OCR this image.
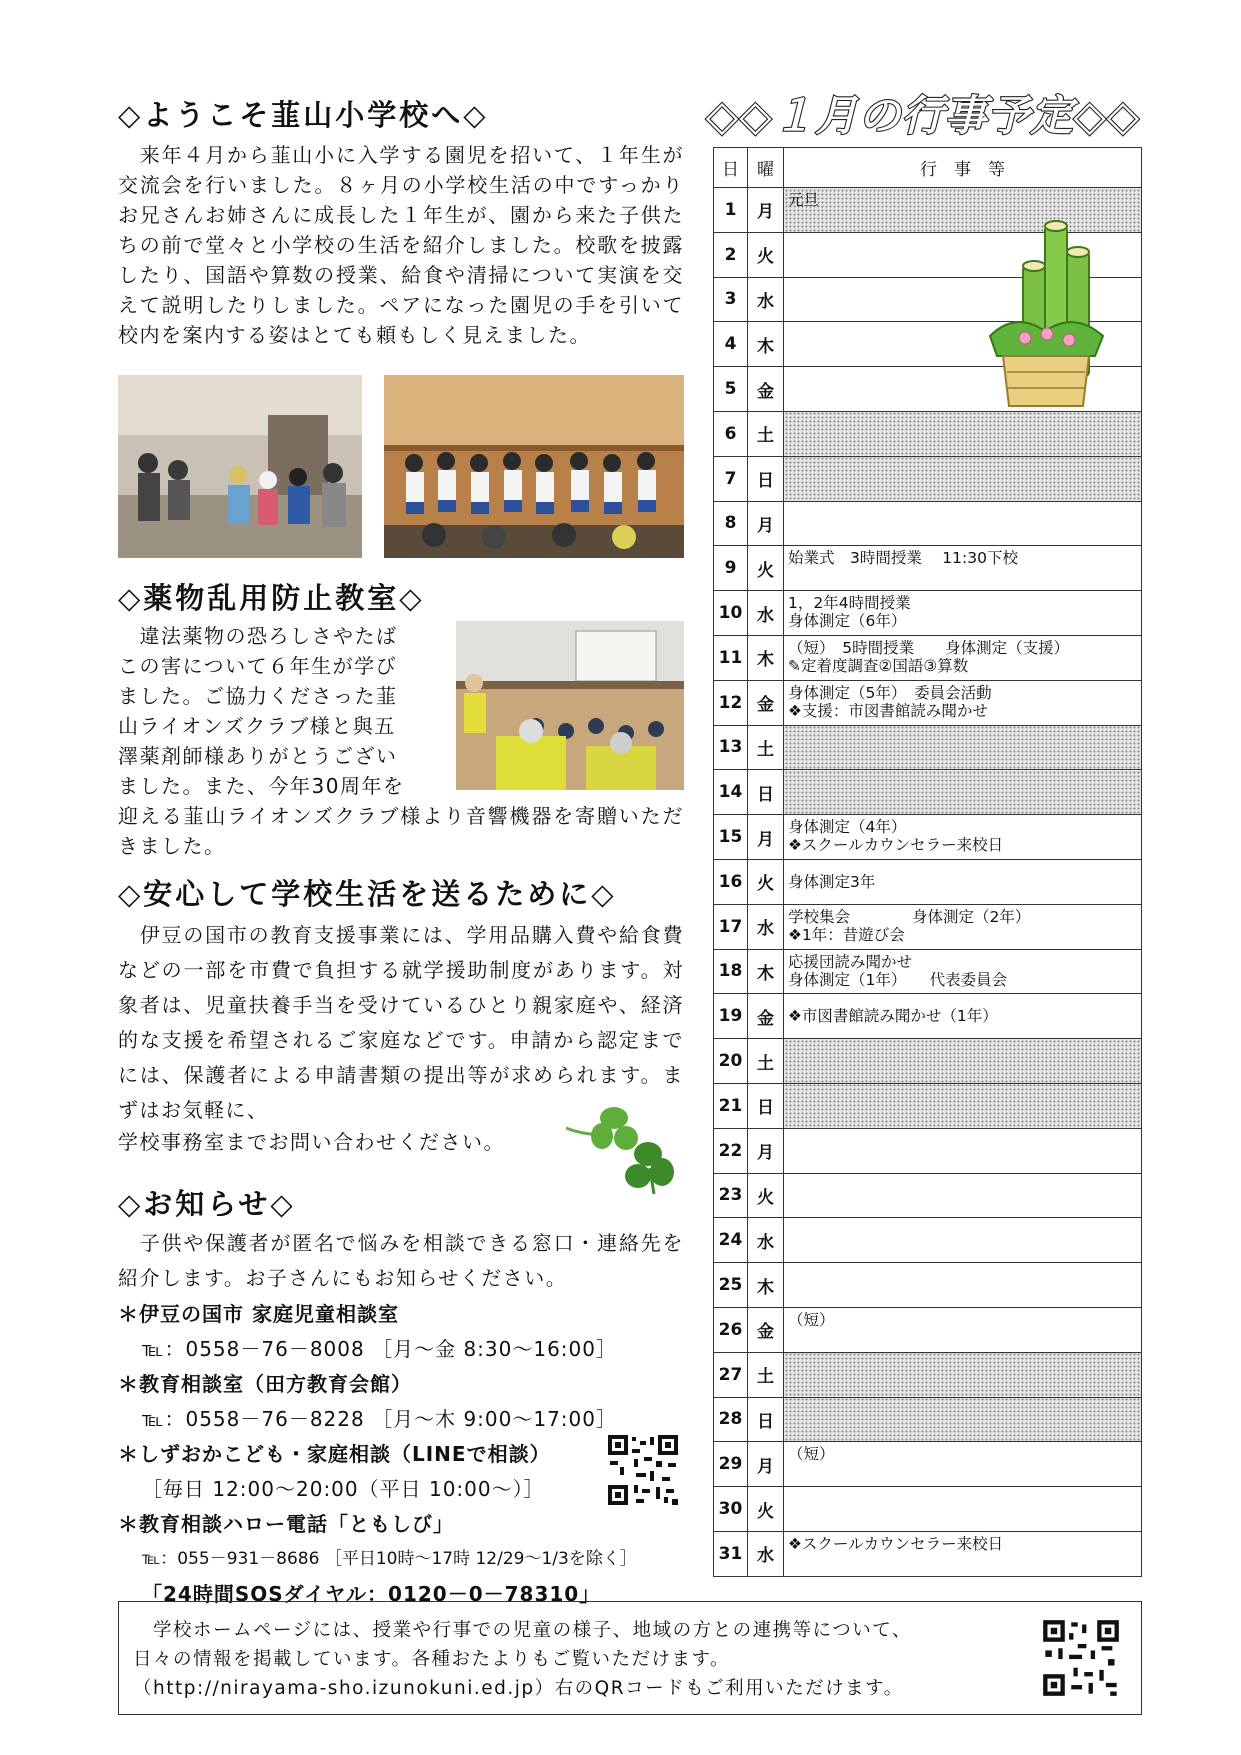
◇ようこそ韮山小学校へ◇
　来年４月から韮山小に入学する園児を招いて、１年生が交流会を行いました。８ヶ月の小学校生活の中ですっかりお兄さんお姉さんに成長した１年生が、園から来た子供たちの前で堂々と小学校の生活を紹介しました。校歌を披露したり、国語や算数の授業、給食や清掃について実演を交えて説明したりしました。ペアになった園児の手を引いて校内を案内する姿はとても頼もしく見えました。
◇薬物乱用防止教室◇
　違法薬物の恐ろしさやたば
この害について６年生が学び
ました。ご協力くださった韮
山ライオンズクラブ様と與五
澤薬剤師様ありがとうござい
ました。また、今年30周年を
迎える韮山ライオンズクラブ様より音響機器を寄贈いただきました。
◇安心して学校生活を送るために◇
　伊豆の国市の教育支援事業には、学用品購入費や給食費などの一部を市費で負担する就学援助制度があります。対象者は、児童扶養手当を受けているひとり親家庭や、経済的な支援を希望されるご家庭などです。申請から認定までには、保護者による申請書類の提出等が求められます。まずはお気軽に、
学校事務室までお問い合わせください。
◇お知らせ◇
　子供や保護者が匿名で悩みを相談できる窓口・連絡先を紹介します。お子さんにもお知らせください。
＊伊豆の国市 家庭児童相談室
℡：0558－76－8008 ［月～金 8:30～16:00］
＊教育相談室（田方教育会館）
℡：0558－76－8228 ［月～木 9:00～17:00］
＊しずおかこども・家庭相談（LINEで相談）
［毎日 12:00～20:00（平日 10:00～）］
＊教育相談ハロー電話「ともしび」
℡：055－931－8686 ［平日10時～17時 12/29～1/3を除く］
「24時間SOSダイヤル：0120－0－78310」
◇◇１月の行事予定◇◇
日	曜	行　事　等
1	月	元旦

2	火	
3	水	
4	木	
5	金	
6	土	
7	日	
8	月	
9	火	始業式　3時間授業　 11:30下校

10	水	1，2年4時間授業
身体測定（6年）

11	木	（短）　5時間授業　　身体測定（支援）
✎定着度調査②国語③算数

12	金	身体測定（5年）　委員会活動
❖支援：市図書館読み聞かせ

13	土	
14	日	
15	月	身体測定（4年）
❖スクールカウンセラー来校日

16	火	身体測定3年

17	水	学校集会　　　　身体測定（2年）
❖1年：昔遊び会

18	木	応援団読み聞かせ
身体測定（1年）　　代表委員会

19	金	❖市図書館読み聞かせ（1年）

20	土	
21	日	
22	月	
23	火	
24	水	
25	木	
26	金	（短）

27	土	
28	日	
29	月	（短）

30	火	
31	水	❖スクールカウンセラー来校日
　学校ホームページには、授業や行事での児童の様子、地域の方との連携等について、
日々の情報を掲載しています。各種おたよりもご覧いただけます。
（http://nirayama-sho.izunokuni.ed.jp）右のQRコードもご利用いただけます。
